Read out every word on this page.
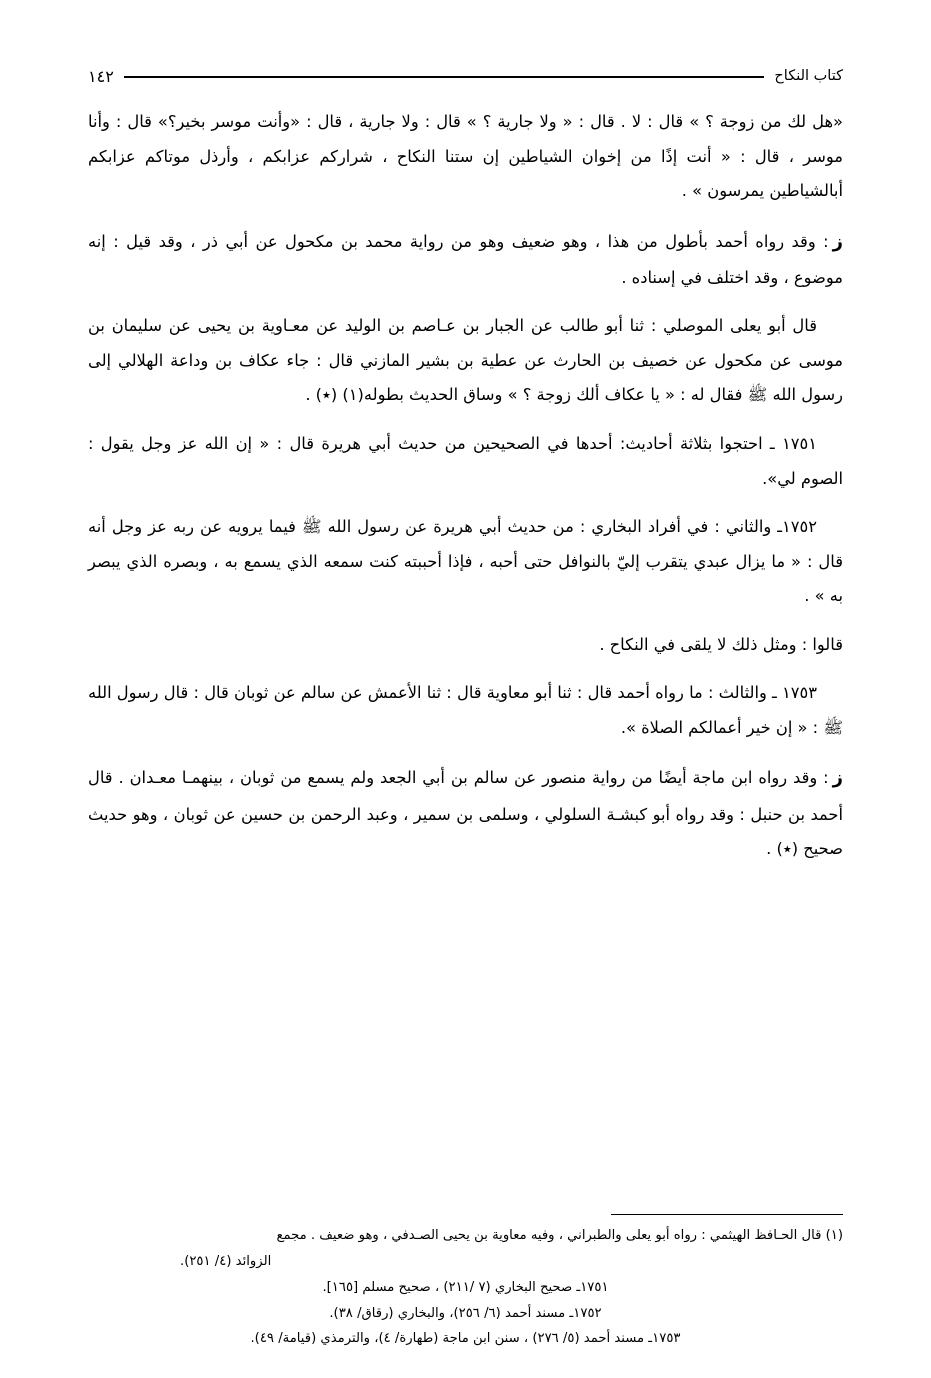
كتاب النكاح
١٤٢

«هل لك من زوجة ؟ » قال : لا . قال : « ولا جارية ؟ » قال : ولا جارية ، قال : «وأنت موسر بخير؟» قال : وأنا موسر ، قال : « أنت إذًا من إخوان الشياطين إن ستنا النكاح ، شراركم عزابكم ، وأرذل موتاكم عزابكم أبالشياطين يمرسون » .

ز: وقد رواه أحمد بأطول من هذا ، وهو ضعيف وهو من رواية محمد بن مكحول عن أبي ذر ، وقد قيل : إنه موضوع ، وقد اختلف في إسناده .

قال أبو يعلى الموصلي : ثنا أبو طالب عن الجبار بن عـاصم بن الوليد عن معـاوية بن يحيى عن سليمان بن موسى عن مكحول عن خصيف بن الحارث عن عطية بن بشير المازني قال : جاء عكاف بن وداعة الهلالي إلى رسول الله ﷺ فقال له : « يا عكاف ألك زوجة ؟ » وساق الحديث بطوله(١) (٭) .

١٧٥١ ـ احتجوا بثلاثة أحاديث: أحدها في الصحيحين من حديث أبي هريرة قال : « إن الله عز وجل يقول : الصوم لي».

١٧٥٢ـ والثاني : في أفراد البخاري : من حديث أبي هريرة عن رسول الله ﷺ فيما يرويه عن ربه عز وجل أنه قال : « ما يزال عبدي يتقرب إليّ بالنوافل حتى أحبه ، فإذا أحببته كنت سمعه الذي يسمع به ، وبصره الذي يبصر به » .

قالوا : ومثل ذلك لا يلقى في النكاح .

١٧٥٣ ـ والثالث : ما رواه أحمد قال : ثنا أبو معاوية قال : ثنا الأعمش عن سالم عن ثوبان قال : قال رسول الله ﷺ : « إن خير أعمالكم الصلاة ».

ز: وقد رواه ابن ماجة أيضًا من رواية منصور عن سالم بن أبي الجعد ولم يسمع من ثوبان ، بينهمـا معـدان . قال أحمد بن حنبل : وقد رواه أبو كبشـة السلولي ، وسلمى بن سمير ، وعبد الرحمن بن حسين عن ثوبان ، وهو حديث صحيح (٭) .

(١) قال الحـافظ الهيثمي : رواه أبو يعلى والطبراني ، وفيه معاوية بن يحيى الصـدفي ، وهو ضعيف . مجمع

الزوائد (٤/ ٢٥١).

١٧٥١ـ صحيح البخاري (٧ /٢١١) ، صحيح مسلم [١٦٥].

١٧٥٢ـ مسند أحمد (٦/ ٢٥٦)، والبخاري (رقاق/ ٣٨).

١٧٥٣ـ مسند أحمد (٥/ ٢٧٦) ، سنن ابن ماجة (طهارة/ ٤)، والترمذي (قيامة/ ٤٩).
